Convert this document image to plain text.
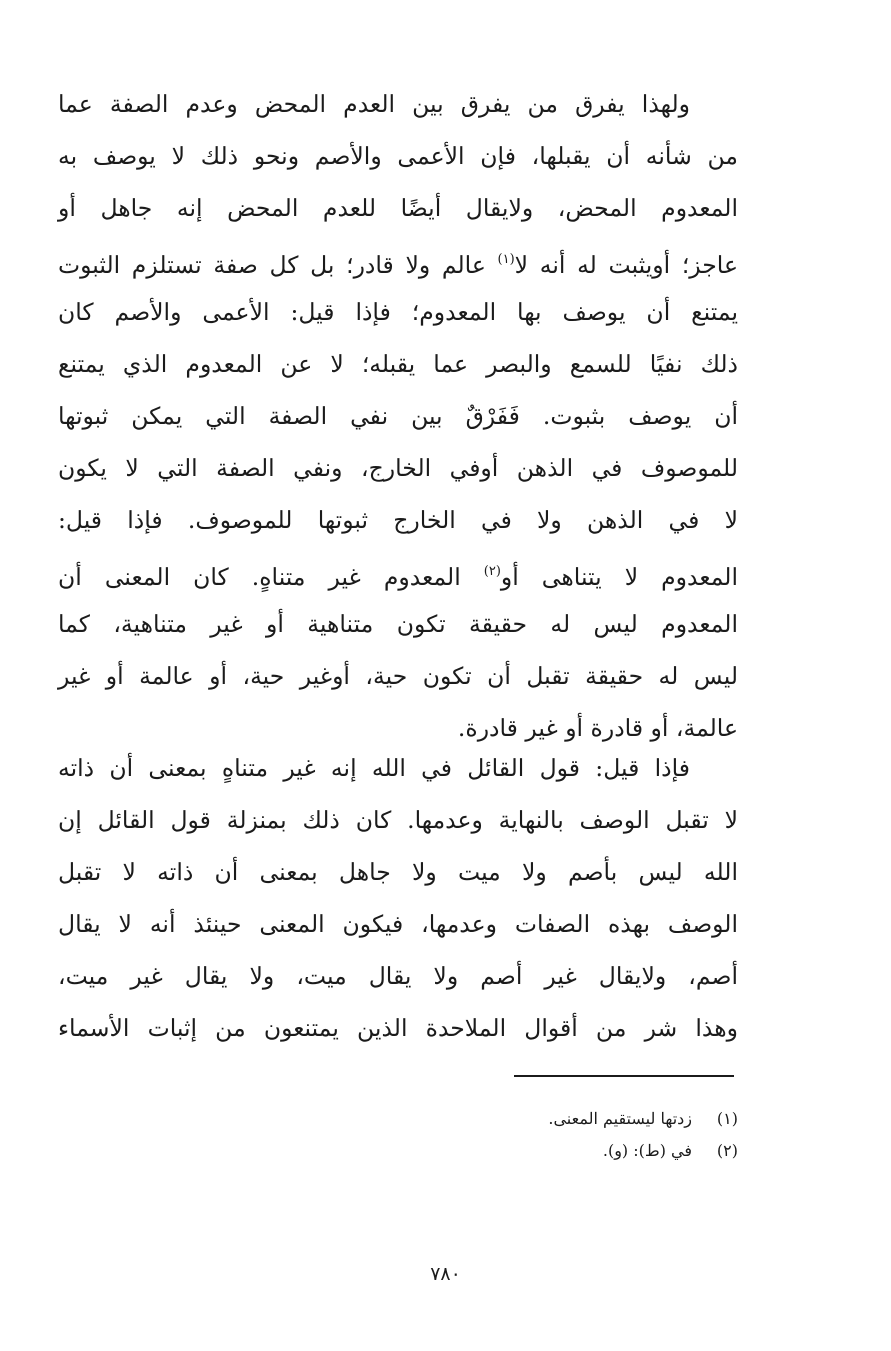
ولهذا يفرق من يفرق بين العدم المحض وعدم الصفة عما
من شأنه أن يقبلها، فإن الأعمى والأصم ونحو ذلك لا يوصف به
المعدوم المحض، ولايقال أيضًا للعدم المحض إنه جاهل أو
عاجز؛ أويثبت له أنه لا$^{(١)}$ عالم ولا قادر؛ بل كل صفة تستلزم الثبوت
يمتنع أن يوصف بها المعدوم؛ فإذا قيل: الأعمى والأصم كان
ذلك نفيًا للسمع والبصر عما يقبله؛ لا عن المعدوم الذي يمتنع
أن يوصف بثبوت. فَفَرْقٌ بين نفي الصفة التي يمكن ثبوتها
للموصوف في الذهن أوفي الخارج، ونفي الصفة التي لا يكون
لا في الذهن ولا في الخارج ثبوتها للموصوف. فإذا قيل:
المعدوم لا يتناهى أو$^{(٢)}$ المعدوم غير متناهٍ. كان المعنى أن
المعدوم ليس له حقيقة تكون متناهية أو غير متناهية، كما
ليس له حقيقة تقبل أن تكون حية، أوغير حية، أو عالمة أو غير
عالمة، أو قادرة أو غير قادرة.
فإذا قيل: قول القائل في الله إنه غير متناهٍ بمعنى أن ذاته
لا تقبل الوصف بالنهاية وعدمها. كان ذلك بمنزلة قول القائل إن
الله ليس بأصم ولا ميت ولا جاهل بمعنى أن ذاته لا تقبل
الوصف بهذه الصفات وعدمها، فيكون المعنى حينئذ أنه لا يقال
أصم، ولايقال غير أصم ولا يقال ميت، ولا يقال غير ميت،
وهذا شر من أقوال الملاحدة الذين يمتنعون من إثبات الأسماء
(١)زدتها ليستقيم المعنى.
(٢)في (ط): (و).
٧٨٠
